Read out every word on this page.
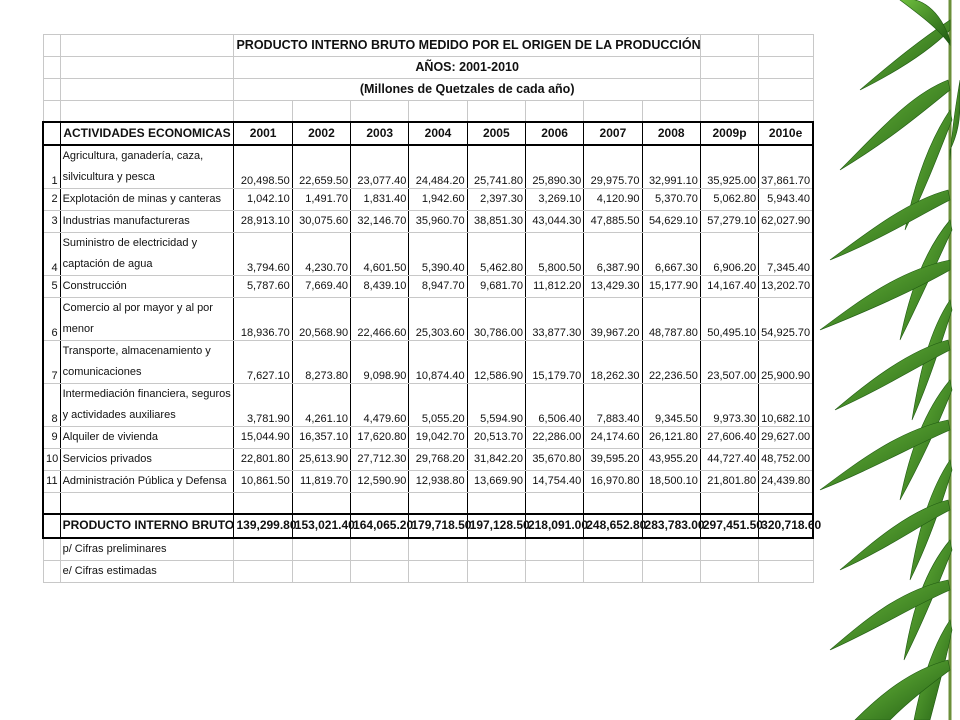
		PRODUCTO INTERNO BRUTO MEDIDO POR EL ORIGEN DE LA PRODUCCIÓN									
		AÑOS: 2001-2010									
		(Millones de Quetzales de cada año)									

	ACTIVIDADES ECONOMICAS	2001	2002	2003	2004	2005	2006	2007	2008	2009p	2010e
1	Agricultura, ganadería, caza, silvicultura y pesca	20,498.50	22,659.50	23,077.40	24,484.20	25,741.80	25,890.30	29,975.70	32,991.10	35,925.00	37,861.70
2	Explotación de minas y canteras	1,042.10	1,491.70	1,831.40	1,942.60	2,397.30	3,269.10	4,120.90	5,370.70	5,062.80	5,943.40
3	Industrias manufactureras	28,913.10	30,075.60	32,146.70	35,960.70	38,851.30	43,044.30	47,885.50	54,629.10	57,279.10	62,027.90
4	Suministro de electricidad y captación de agua	3,794.60	4,230.70	4,601.50	5,390.40	5,462.80	5,800.50	6,387.90	6,667.30	6,906.20	7,345.40
5	Construcción	5,787.60	7,669.40	8,439.10	8,947.70	9,681.70	11,812.20	13,429.30	15,177.90	14,167.40	13,202.70
6	Comercio al por mayor y al por menor	18,936.70	20,568.90	22,466.60	25,303.60	30,786.00	33,877.30	39,967.20	48,787.80	50,495.10	54,925.70
7	Transporte, almacenamiento y comunicaciones	7,627.10	8,273.80	9,098.90	10,874.40	12,586.90	15,179.70	18,262.30	22,236.50	23,507.00	25,900.90
8	Intermediación financiera, seguros y actividades auxiliares	3,781.90	4,261.10	4,479.60	5,055.20	5,594.90	6,506.40	7,883.40	9,345.50	9,973.30	10,682.10
9	Alquiler de vivienda	15,044.90	16,357.10	17,620.80	19,042.70	20,513.70	22,286.00	24,174.60	26,121.80	27,606.40	29,627.00
10	Servicios privados	22,801.80	25,613.90	27,712.30	29,768.20	31,842.20	35,670.80	39,595.20	43,955.20	44,727.40	48,752.00
11	Administración Pública y Defensa	10,861.50	11,819.70	12,590.90	12,938.80	13,669.90	14,754.40	16,970.80	18,500.10	21,801.80	24,439.80

	PRODUCTO INTERNO BRUTO	139,299.80	153,021.40	164,065.20	179,718.50	197,128.50	218,091.00	248,652.80	283,783.00	297,451.50	320,718.60
	p/ Cifras preliminares										
	e/ Cifras estimadas										
